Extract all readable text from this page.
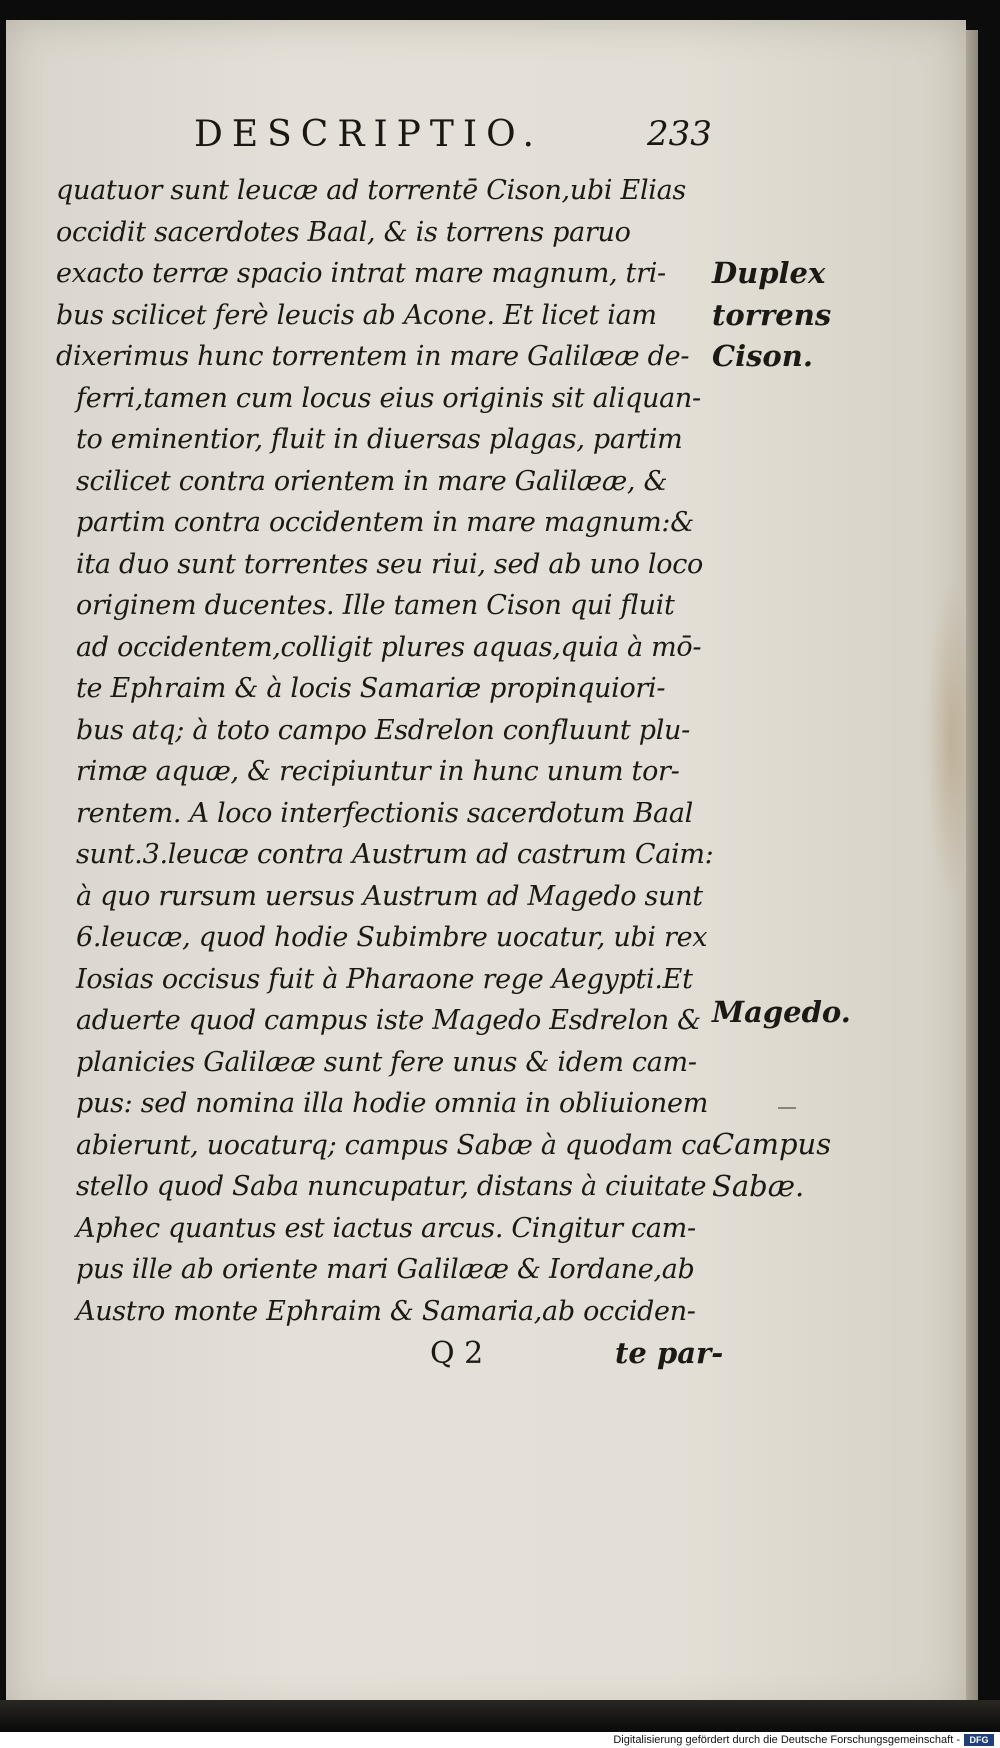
DESCRIPTIO.	233
quatuor sunt leucæ ad torrentē Cison,ubi Elias
occidit sacerdotes Baal, & is torrens paruo
exacto terræ spacio intrat mare magnum, tri-
bus scilicet ferè leucis ab Acone. Et licet iam
dixerimus hunc torrentem in mare Galilææ de-
ferri,tamen cum locus eius originis sit aliquan-
to eminentior, fluit in diuersas plagas, partim
scilicet contra orientem in mare Galilææ, &
partim contra occidentem in mare magnum:&
ita duo sunt torrentes seu riui, sed ab uno loco
originem ducentes. Ille tamen Cison qui fluit
ad occidentem,colligit plures aquas,quia à mō-
te Ephraim & à locis Samariæ propinquiori-
bus atq; à toto campo Esdrelon confluunt plu-
rimæ aquæ, & recipiuntur in hunc unum tor-
rentem. A loco interfectionis sacerdotum Baal
sunt.3.leucæ contra Austrum ad castrum Caim:
à quo rursum uersus Austrum ad Magedo sunt
6.leucæ, quod hodie Subimbre uocatur, ubi rex
Iosias occisus fuit à Pharaone rege Aegypti.Et
aduerte quod campus iste Magedo Esdrelon &
planicies Galilææ sunt fere unus & idem cam-
pus: sed nomina illa hodie omnia in obliuionem
abierunt, uocaturq; campus Sabæ à quodam ca-
stello quod Saba nuncupatur, distans à ciuitate
Aphec quantus est iactus arcus. Cingitur cam-
pus ille ab oriente mari Galilææ & Iordane,ab
Austro monte Ephraim & Samaria,ab occiden-
Duplex
torrens
Cison.
Magedo.
Campus
Sabæ.
Q 2	te par-
Digitalisierung gefördert durch die Deutsche Forschungsgemeinschaft -	DFG
